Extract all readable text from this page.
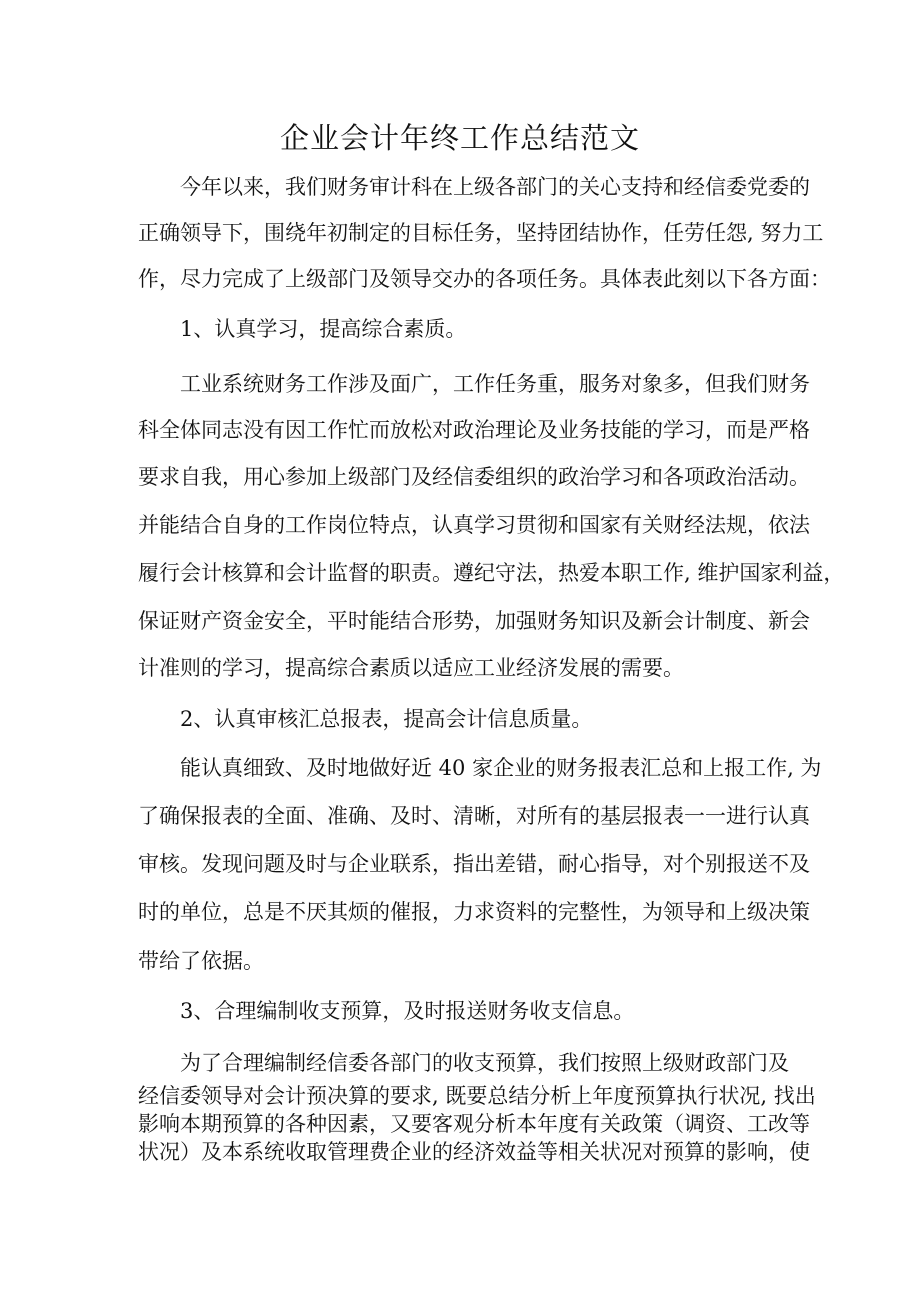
企业会计年终工作总结范文
今年以来，我们财务审计科在上级各部门的关心支持和经信委党委的
正确领导下，围绕年初制定的目标任务，坚持团结协作，任劳任怨, 努力工
作，尽力完成了上级部门及领导交办的各项任务。具体表此刻以下各方面：
1、认真学习，提高综合素质。
工业系统财务工作涉及面广，工作任务重，服务对象多，但我们财务
科全体同志没有因工作忙而放松对政治理论及业务技能的学习，而是严格
要求自我，用心参加上级部门及经信委组织的政治学习和各项政治活动。
并能结合自身的工作岗位特点，认真学习贯彻和国家有关财经法规，依法
履行会计核算和会计监督的职责。遵纪守法，热爱本职工作, 维护国家利益，
保证财产资金安全，平时能结合形势，加强财务知识及新会计制度、新会
计准则的学习，提高综合素质以适应工业经济发展的需要。
2、认真审核汇总报表，提高会计信息质量。
能认真细致、及时地做好近 40 家企业的财务报表汇总和上报工作, 为
了确保报表的全面、准确、及时、清晰，对所有的基层报表一一进行认真
审核。发现问题及时与企业联系，指出差错，耐心指导，对个别报送不及
时的单位，总是不厌其烦的催报，力求资料的完整性，为领导和上级决策
带给了依据。
3、合理编制收支预算，及时报送财务收支信息。
为了合理编制经信委各部门的收支预算，我们按照上级财政部门及
经信委领导对会计预决算的要求, 既要总结分析上年度预算执行状况, 找出
影响本期预算的各种因素，又要客观分析本年度有关政策（调资、工改等
状况）及本系统收取管理费企业的经济效益等相关状况对预算的影响，使
